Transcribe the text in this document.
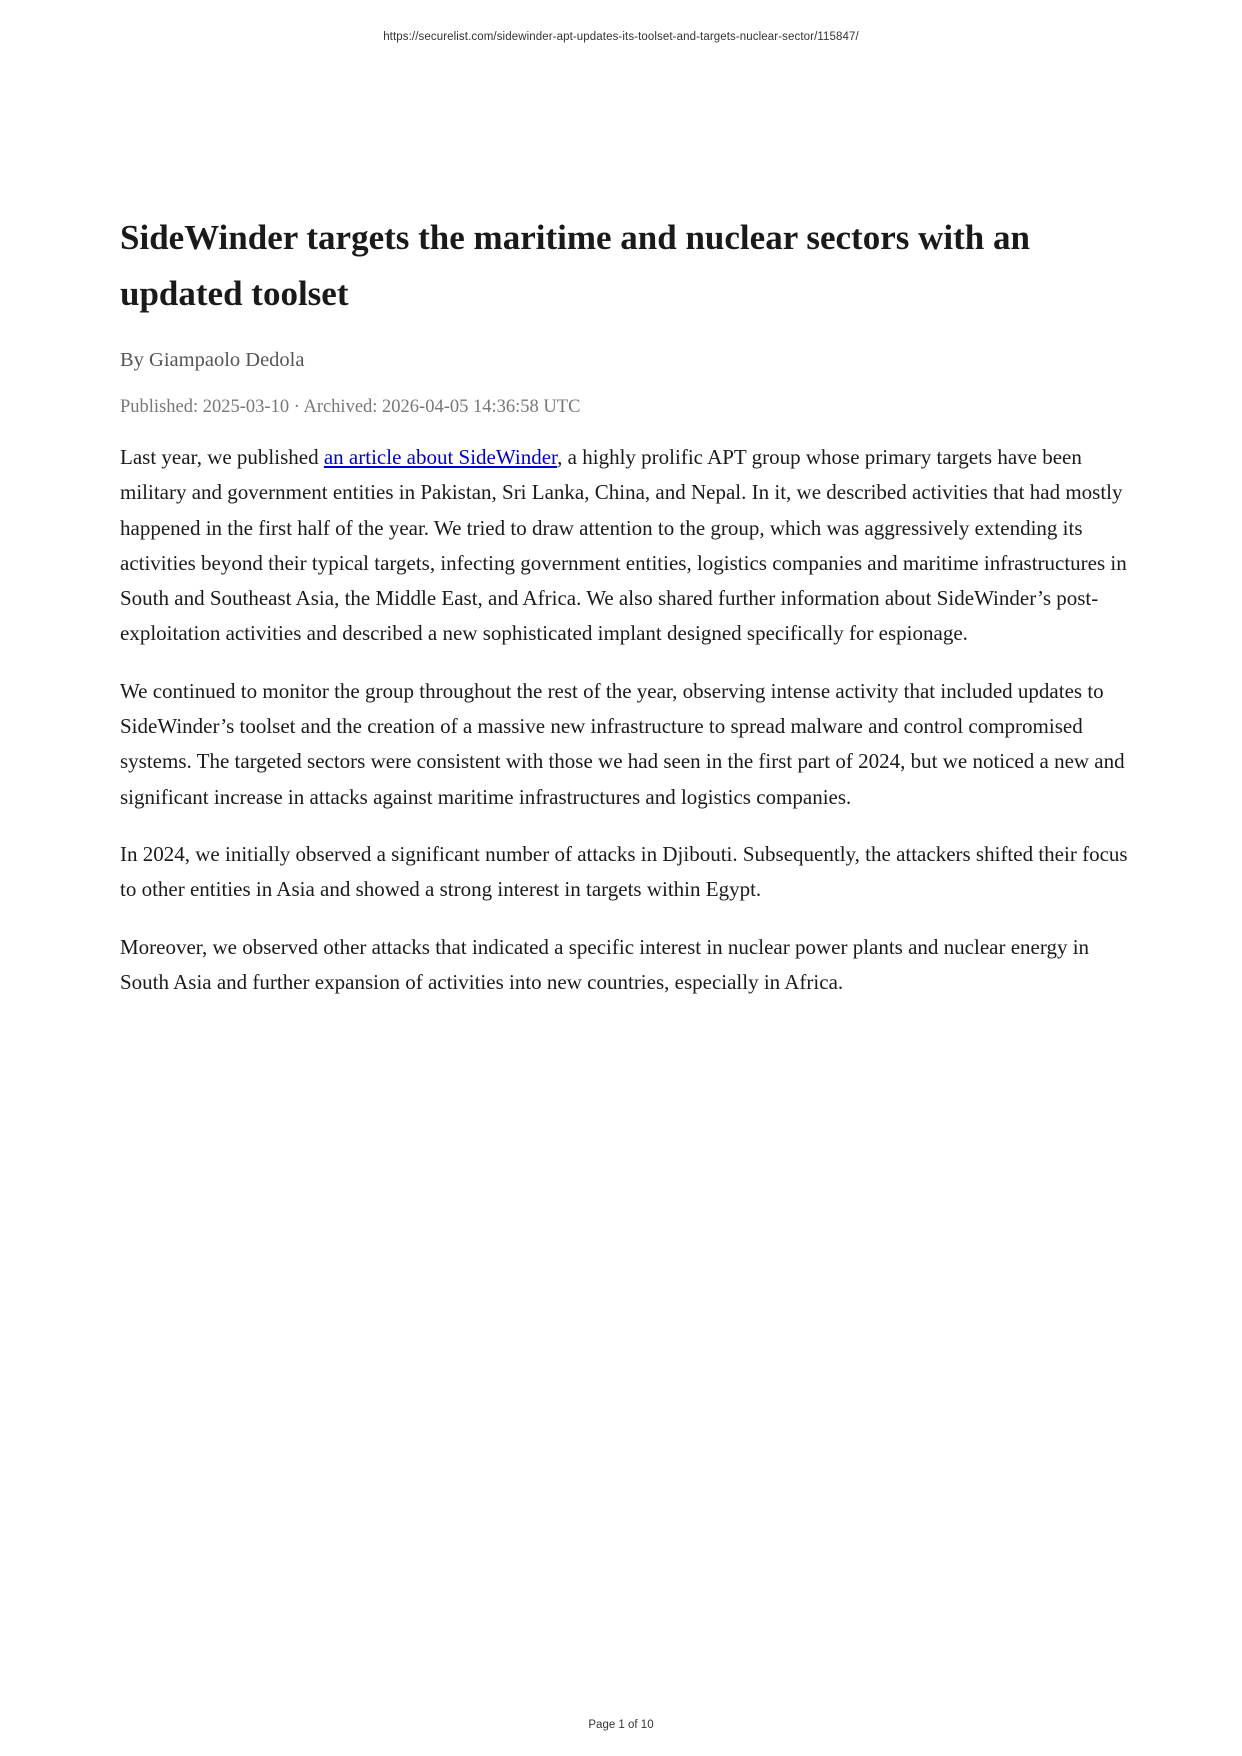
https://securelist.com/sidewinder-apt-updates-its-toolset-and-targets-nuclear-sector/115847/
SideWinder targets the maritime and nuclear sectors with an updated toolset
By Giampaolo Dedola
Published: 2025-03-10 · Archived: 2026-04-05 14:36:58 UTC

Last year, we published an article about SideWinder, a highly prolific APT group whose primary targets have been military and government entities in Pakistan, Sri Lanka, China, and Nepal. In it, we described activities that had mostly happened in the first half of the year. We tried to draw attention to the group, which was aggressively extending its activities beyond their typical targets, infecting government entities, logistics companies and maritime infrastructures in South and Southeast Asia, the Middle East, and Africa. We also shared further information about SideWinder’s post-exploitation activities and described a new sophisticated implant designed specifically for espionage.

We continued to monitor the group throughout the rest of the year, observing intense activity that included updates to SideWinder’s toolset and the creation of a massive new infrastructure to spread malware and control compromised systems. The targeted sectors were consistent with those we had seen in the first part of 2024, but we noticed a new and significant increase in attacks against maritime infrastructures and logistics companies.

In 2024, we initially observed a significant number of attacks in Djibouti. Subsequently, the attackers shifted their focus to other entities in Asia and showed a strong interest in targets within Egypt.

Moreover, we observed other attacks that indicated a specific interest in nuclear power plants and nuclear energy in South Asia and further expansion of activities into new countries, especially in Africa.

Page 1 of 10
